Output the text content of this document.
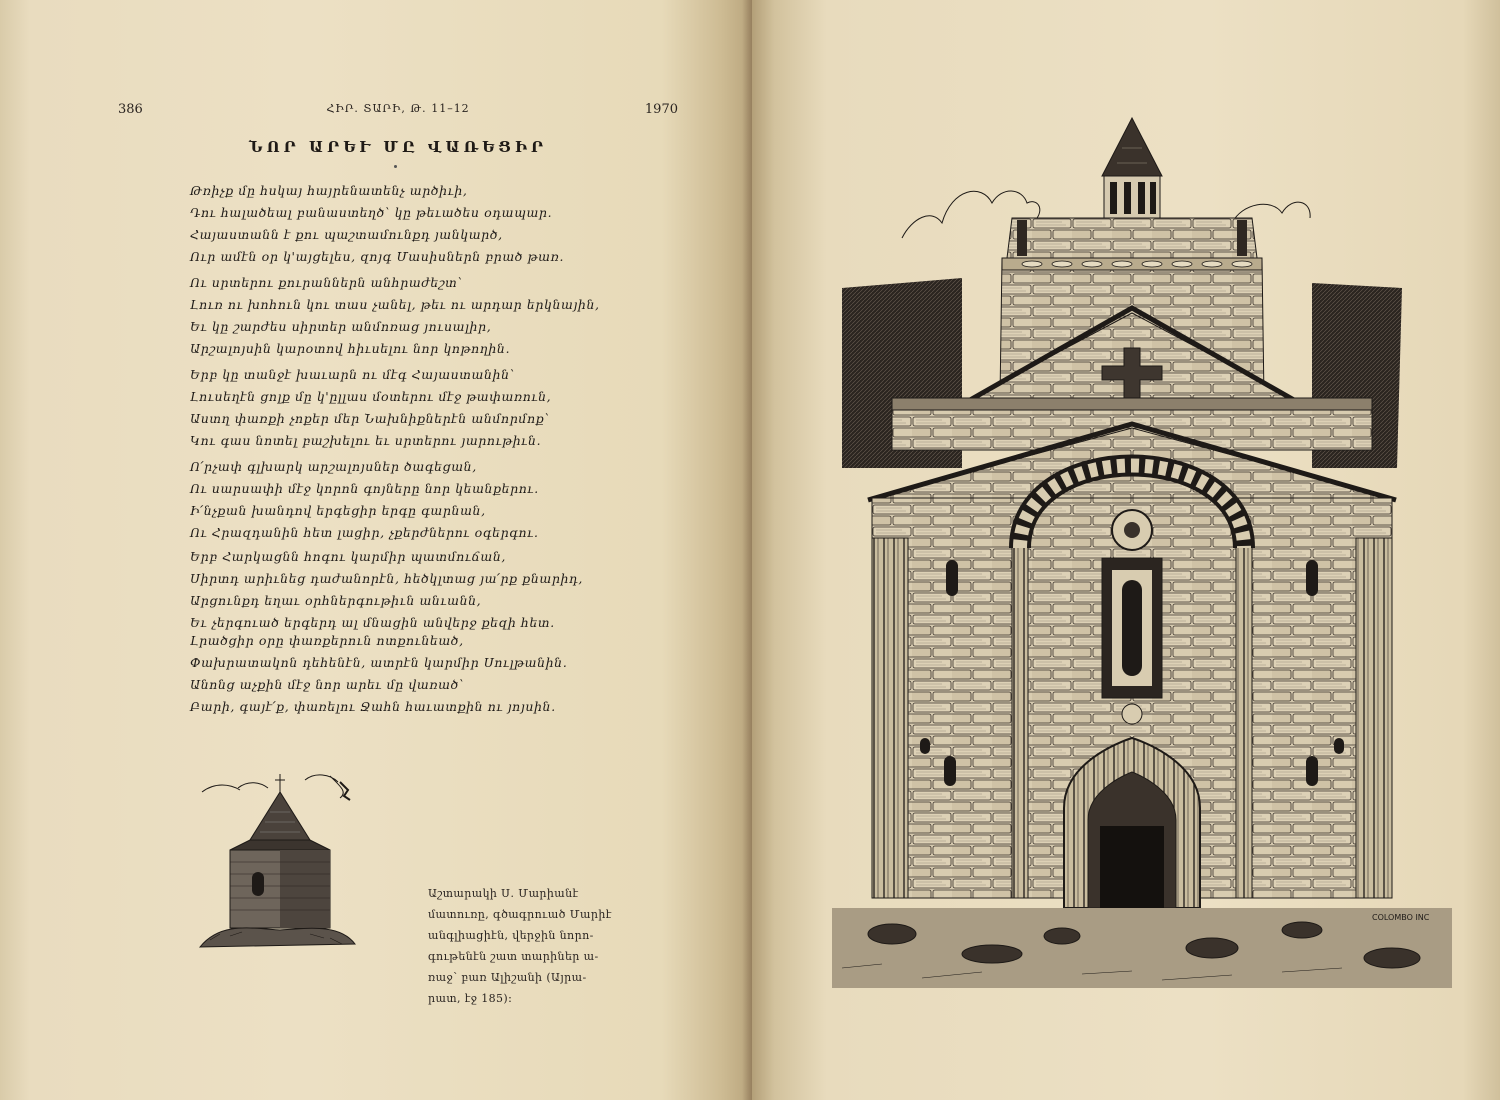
386	ՀԻՐ․ ՏԱՐԻ, Թ․ 11–12	1970
ՆՈՐ ԱՐԵՒ ՄԸ ՎԱՌԵՑԻՐ
Թռիչք մը հսկայ հայրենատենչ արծիւի,
Դու հալածեալ բանաստեղծ՝ կը թեւածես օդապար․
Հայաստանն է քու պաշտամունքդ յանկարծ,
Ուր ամէն օր կ'այցելես, զոյգ Մասիսներն բրած թառ․
Ու սրտերու քուրաններն անհրաժեշտ՝
Լուռ ու խոհուն կու տաս չանել, թեւ ու արդար երկնային,
Եւ կը շարժես սիրտեր անմոռաց յուսալիր,
Արշալոյսին կարօտով հիւսելու նոր կոթողին․
Երբ կը տանջէ խաւարն ու մէգ Հայաստանին՝
Լուսեղէն ցոլք մը կ'ըլլաս մօտերու մէջ թափառուն,
Աստղ փառքի չոքեր մեր Նախնիքներէն անմորմոք՝
Կու գաս նոտել բաշխելու եւ սրտերու յարութիւն․
Ո՛րչափ գլխարկ արշալոյսներ ծագեցան,
Ու սարսափի մէջ կորոն գոյները նոր կեանքերու․
Ի՛նչքան խանդով երգեցիր երգը գարնան,
Ու Հրազդանին հետ լացիր, չքերժներու օգերգու․
Երբ Հարկացնն հոգու կարմիր պատմուճան,
Սիրտդ արիւնեց դաժանորէն, հեծկլտաց յա՛րք քնարիդ,
Արցունքդ եղաւ օրհներգութիւն անւանն,
Եւ չերգուած երգերդ ալ մնացին անվերջ քեզի հետ․
Լրածցիր օրը փառքերուն ոտքունեած,
Փախրատակոն դեհենէն, ատրէն կարմիր Սուլթանին․
Անոնց աչքին մէջ նոր արեւ մը վառած՝
Բարի, գայէ՛ք, փառելու Ջահն հաւատքին ու յոյսին․
Աշտարակի Ս․ Մարիանէ
մատուռը, գծագրուած Մարիէ
անգլիացիէն, վերջին նորո-
գութենէն շատ տարիներ ա-
ռաջ՝ բառ Ալիշանի (Այրա-
րատ, էջ 185)։
COLOMBO INC
